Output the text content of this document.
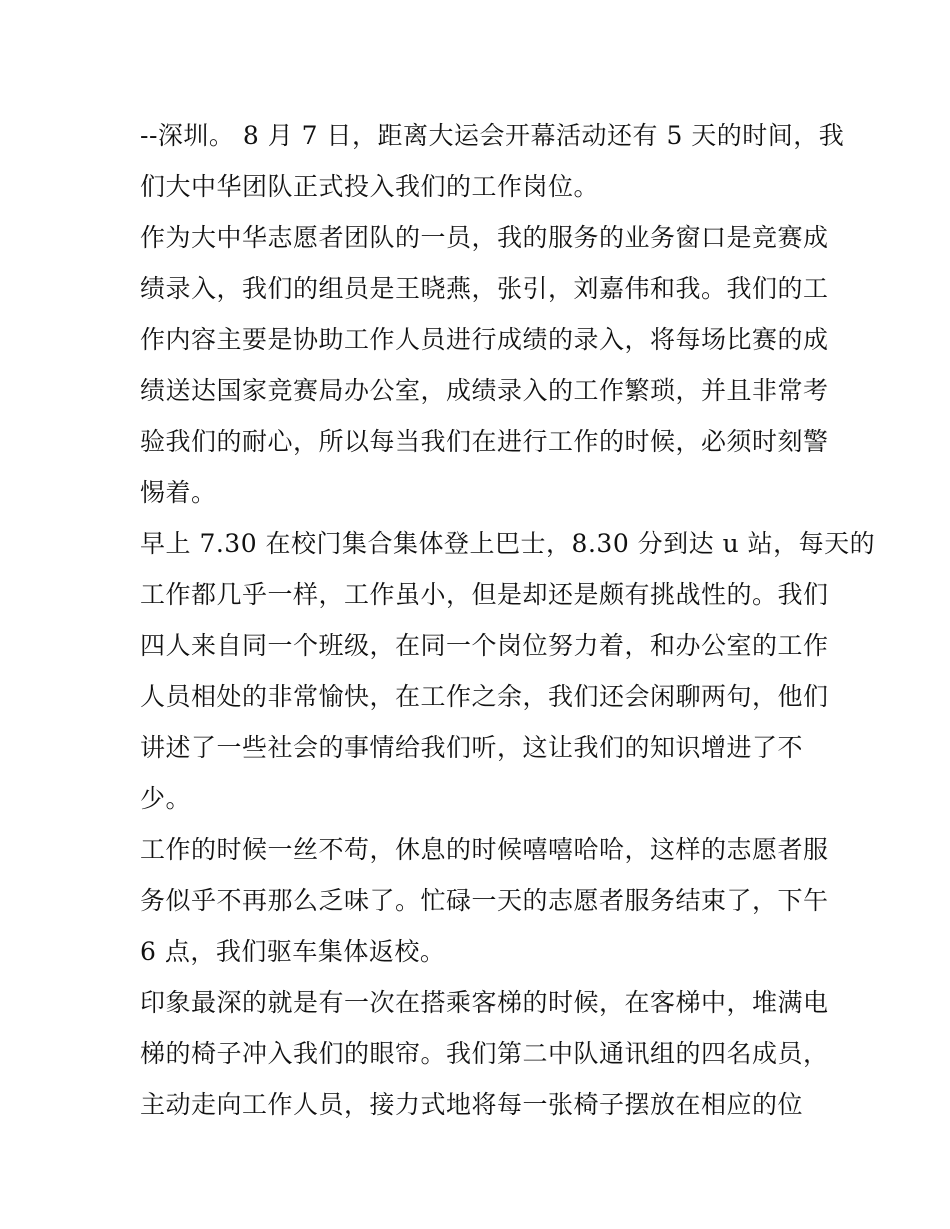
--深圳。 8 月 7 日，距离大运会开幕活动还有 5 天的时间，我
们大中华团队正式投入我们的工作岗位。
作为大中华志愿者团队的一员，我的服务的业务窗口是竞赛成
绩录入，我们的组员是王晓燕，张引，刘嘉伟和我。我们的工
作内容主要是协助工作人员进行成绩的录入，将每场比赛的成
绩送达国家竞赛局办公室，成绩录入的工作繁琐，并且非常考
验我们的耐心，所以每当我们在进行工作的时候，必须时刻警
惕着。
早上 7.30 在校门集合集体登上巴士，8.30 分到达 u 站，每天的
工作都几乎一样，工作虽小，但是却还是颇有挑战性的。我们
四人来自同一个班级，在同一个岗位努力着，和办公室的工作
人员相处的非常愉快，在工作之余，我们还会闲聊两句，他们
讲述了一些社会的事情给我们听，这让我们的知识增进了不
少。
工作的时候一丝不苟，休息的时候嘻嘻哈哈，这样的志愿者服
务似乎不再那么乏味了。忙碌一天的志愿者服务结束了，下午
6 点，我们驱车集体返校。
印象最深的就是有一次在搭乘客梯的时候，在客梯中，堆满电
梯的椅子冲入我们的眼帘。我们第二中队通讯组的四名成员，
主动走向工作人员，接力式地将每一张椅子摆放在相应的位
